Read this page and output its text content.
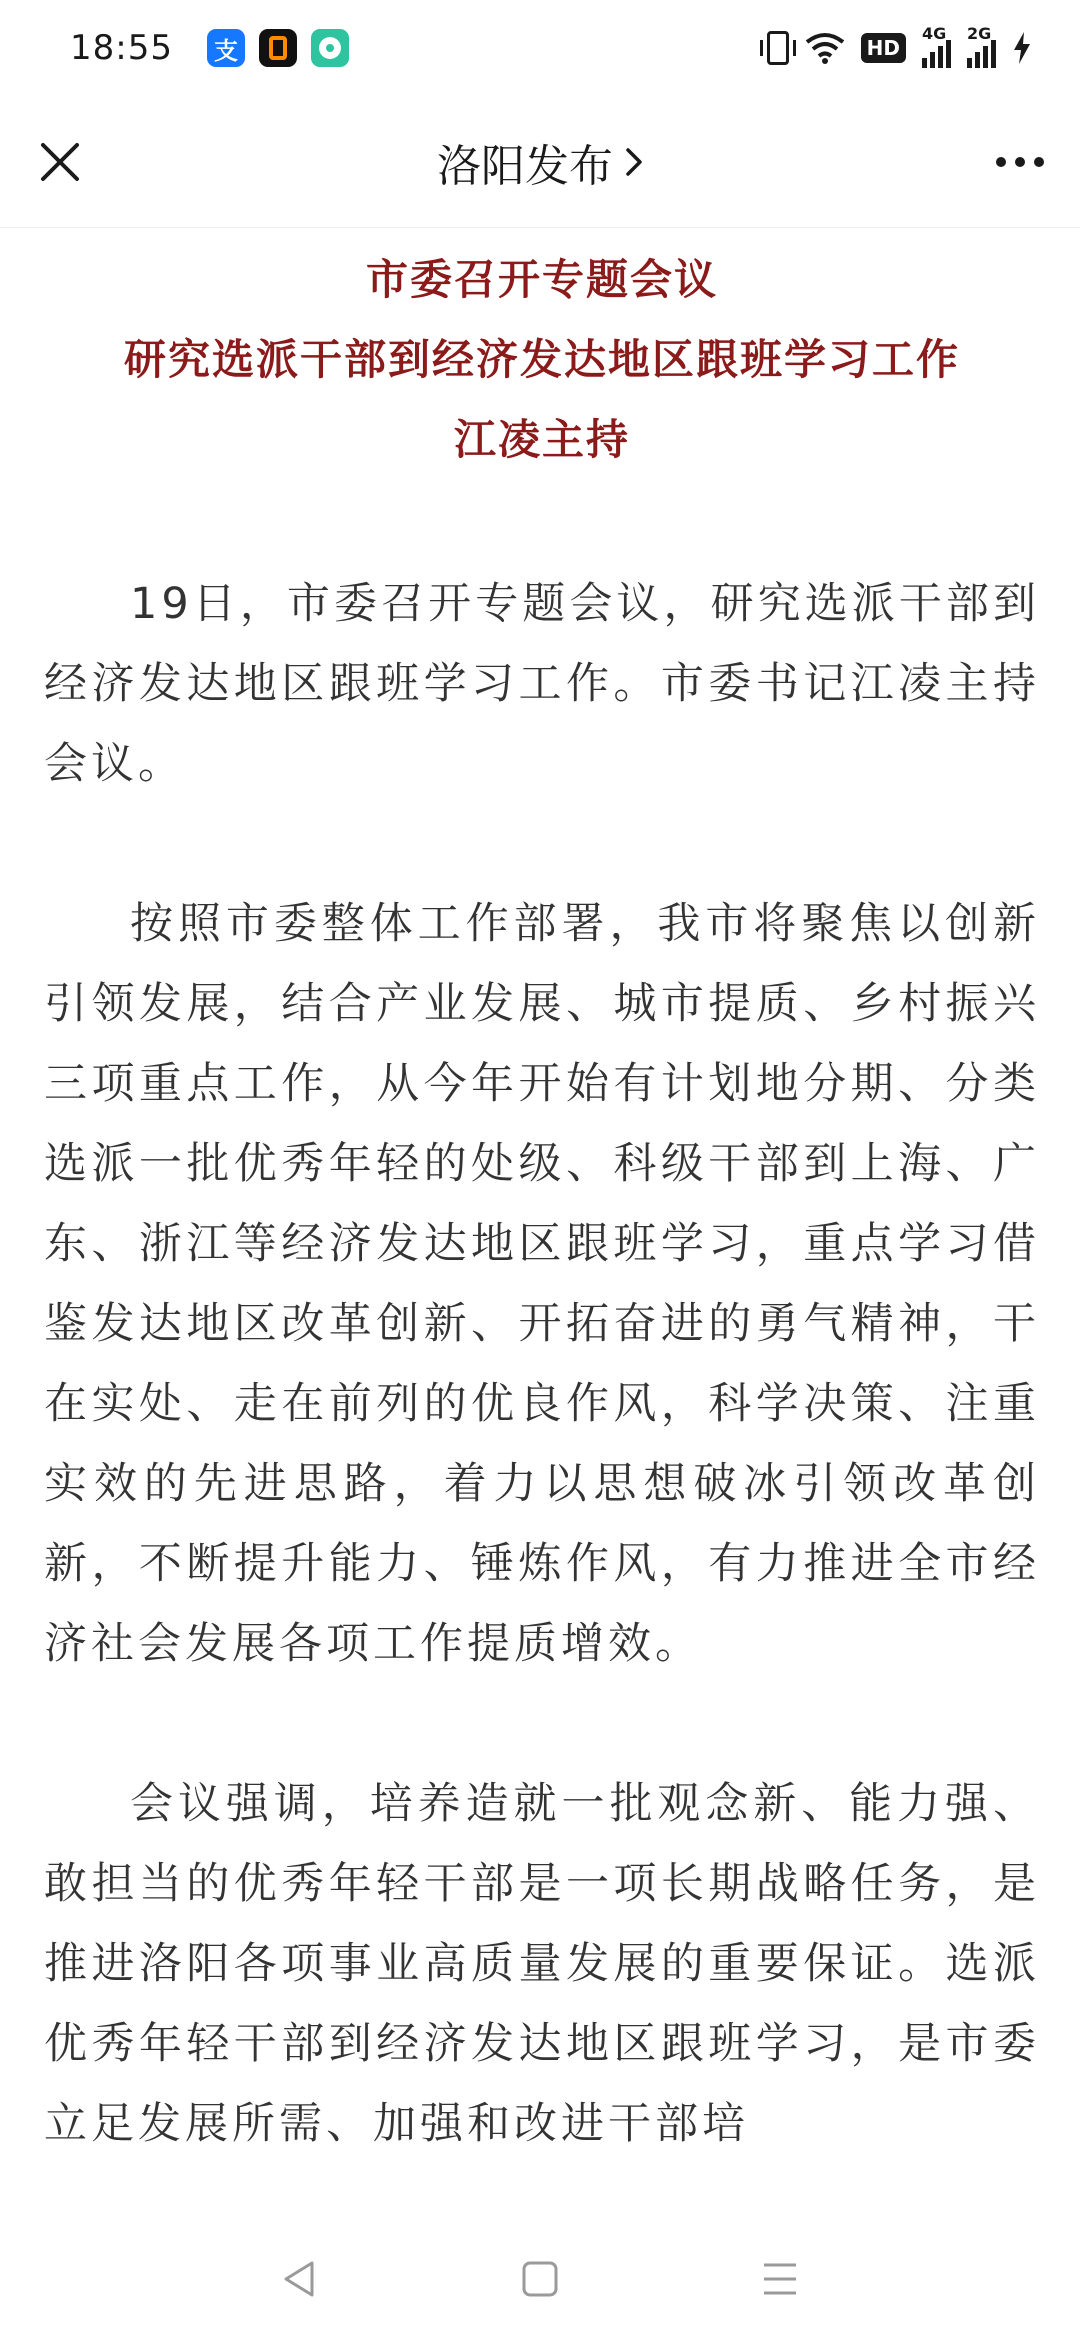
18:55 支	HD
4G 2G
洛阳发布
市委召开专题会议
研究选派干部到经济发达地区跟班学习工作
江凌主持

19日，市委召开专题会议，研究选派干部到经济发达地区跟班学习工作。市委书记江凌主持会议。

按照市委整体工作部署，我市将聚焦以创新引领发展，结合产业发展、城市提质、乡村振兴三项重点工作，从今年开始有计划地分期、分类选派一批优秀年轻的处级、科级干部到上海、广东、浙江等经济发达地区跟班学习，重点学习借鉴发达地区改革创新、开拓奋进的勇气精神，干在实处、走在前列的优良作风，科学决策、注重实效的先进思路，着力以思想破冰引领改革创新，不断提升能力、锤炼作风，有力推进全市经济社会发展各项工作提质增效。

会议强调，培养造就一批观念新、能力强、敢担当的优秀年轻干部是一项长期战略任务，是推进洛阳各项事业高质量发展的重要保证。选派优秀年轻干部到经济发达地区跟班学习，是市委立足发展所需、加强和改进干部培
